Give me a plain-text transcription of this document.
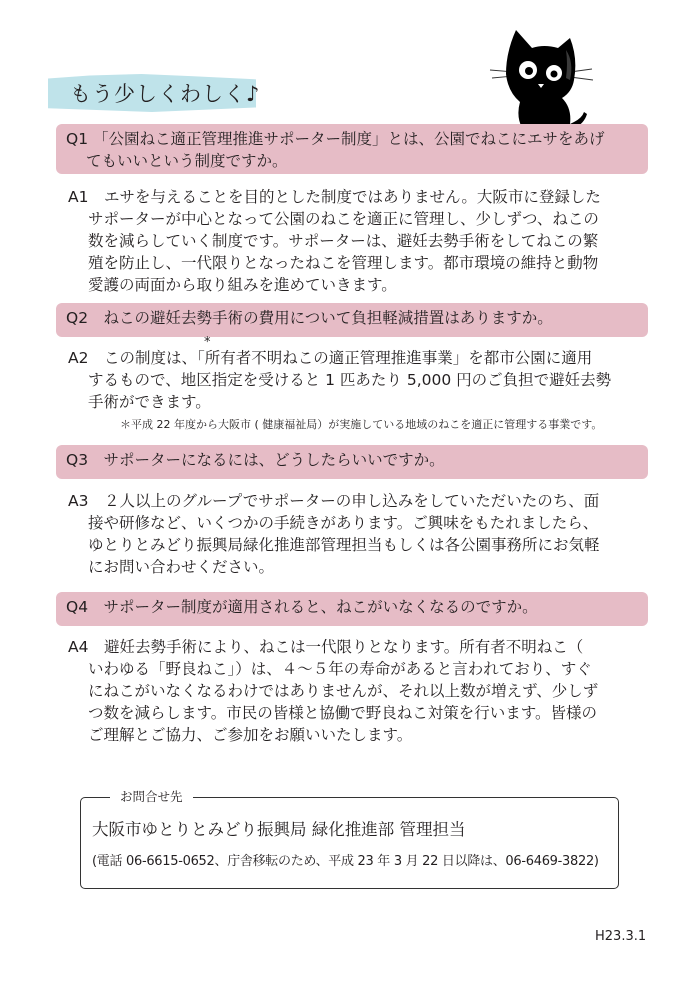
もう少しくわしく♪
Q1 「公園ねこ適正管理推進サポーター制度」とは、公園でねこにエサをあげ
てもいいという制度ですか。
A1　エサを与えることを目的とした制度ではありません。大阪市に登録した
サポーターが中心となって公園のねこを適正に管理し、少しずつ、ねこの
数を減らしていく制度です。サポーターは、避妊去勢手術をしてねこの繁
殖を防止し、一代限りとなったねこを管理します。都市環境の維持と動物
愛護の両面から取り組みを進めていきます。
Q2　ねこの避妊去勢手術の費用について負担軽減措置はありますか。
*
A2　この制度は、「所有者不明ねこの適正管理推進事業」を都市公園に適用
するもので、地区指定を受けると 1 匹あたり 5,000 円のご負担で避妊去勢
手術ができます。
＊平成 22 年度から大阪市 ( 健康福祉局）が実施している地域のねこを適正に管理する事業です。
Q3　サポーターになるには、どうしたらいいですか。
A3　２人以上のグループでサポーターの申し込みをしていただいたのち、面
接や研修など、いくつかの手続きがあります。ご興味をもたれましたら、
ゆとりとみどり振興局緑化推進部管理担当もしくは各公園事務所にお気軽
にお問い合わせください。
Q4　サポーター制度が適用されると、ねこがいなくなるのですか。
A4　避妊去勢手術により、ねこは一代限りとなります。所有者不明ねこ（
いわゆる「野良ねこ」）は、４～５年の寿命があると言われており、すぐ
にねこがいなくなるわけではありませんが、それ以上数が増えず、少しず
つ数を減らします。市民の皆様と協働で野良ねこ対策を行います。皆様の
ご理解とご協力、ご参加をお願いいたします。
お問合せ先
大阪市ゆとりとみどり振興局 緑化推進部 管理担当
(電話 06-6615-0652、庁舎移転のため、平成 23 年 3 月 22 日以降は、06-6469-3822)
H23.3.1
